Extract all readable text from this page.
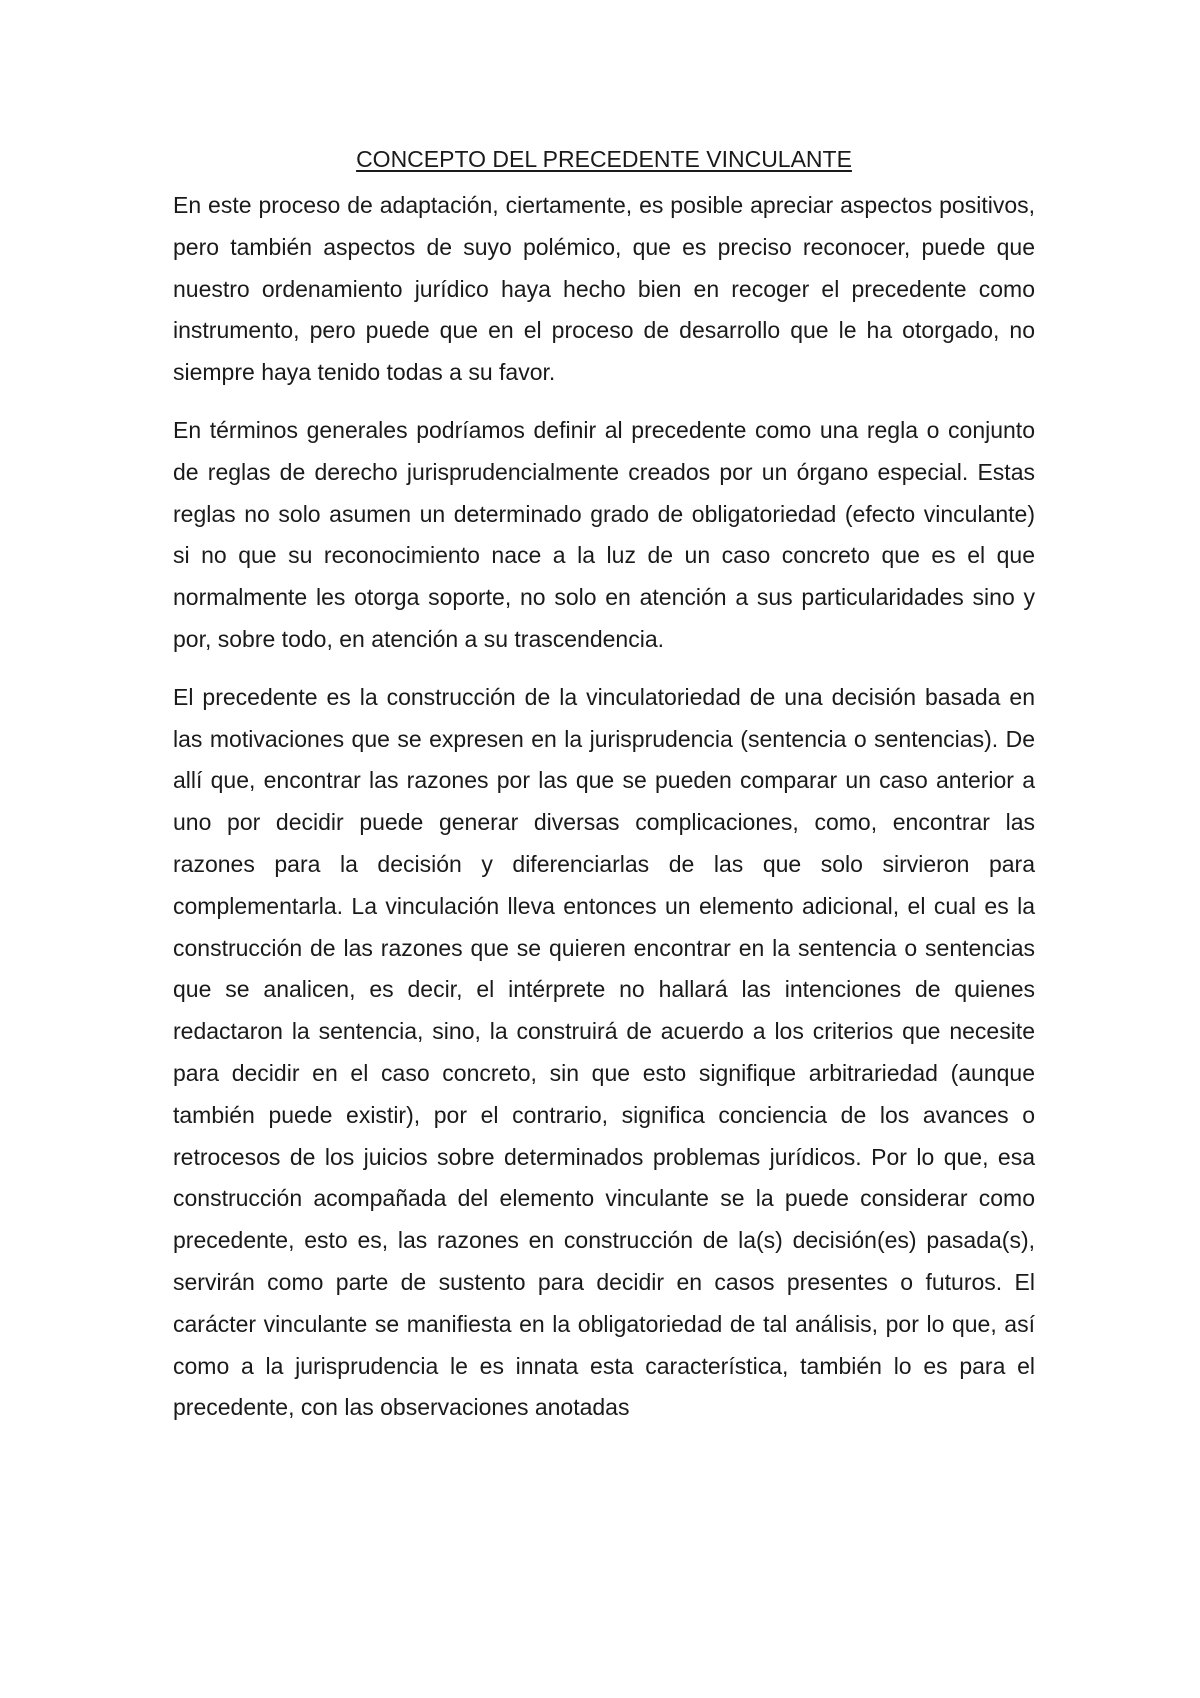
CONCEPTO DEL PRECEDENTE VINCULANTE

En este proceso de adaptación, ciertamente, es posible apreciar aspectos positivos, pero también aspectos de suyo polémico, que es preciso reconocer, puede que nuestro ordenamiento jurídico haya hecho bien en recoger el precedente como instrumento, pero puede que en el proceso de desarrollo que le ha otorgado, no siempre haya tenido todas a su favor.

En términos generales podríamos definir al precedente como una regla o conjunto de reglas de derecho jurisprudencialmente creados por un órgano especial. Estas reglas no solo asumen un determinado grado de obligatoriedad (efecto vinculante) si no que su reconocimiento nace a la luz de un caso concreto que es el que normalmente les otorga soporte, no solo en atención a sus particularidades sino y por, sobre todo, en atención a su trascendencia.

El precedente es la construcción de la vinculatoriedad de una decisión basada en las motivaciones que se expresen en la jurisprudencia (sentencia o sentencias). De allí que, encontrar las razones por las que se pueden comparar un caso anterior a uno por decidir puede generar diversas complicaciones, como, encontrar las razones para la decisión y diferenciarlas de las que solo sirvieron para complementarla. La vinculación lleva entonces un elemento adicional, el cual es la construcción de las razones que se quieren encontrar en la sentencia o sentencias que se analicen, es decir, el intérprete no hallará las intenciones de quienes redactaron la sentencia, sino, la construirá de acuerdo a los criterios que necesite para decidir en el caso concreto, sin que esto signifique arbitrariedad (aunque también puede existir), por el contrario, significa conciencia de los avances o retrocesos de los juicios sobre determinados problemas jurídicos. Por lo que, esa construcción acompañada del elemento vinculante se la puede considerar como precedente, esto es, las razones en construcción de la(s) decisión(es) pasada(s), servirán como parte de sustento para decidir en casos presentes o futuros. El carácter vinculante se manifiesta en la obligatoriedad de tal análisis, por lo que, así como a la jurisprudencia le es innata esta característica, también lo es para el precedente, con las observaciones anotadas
